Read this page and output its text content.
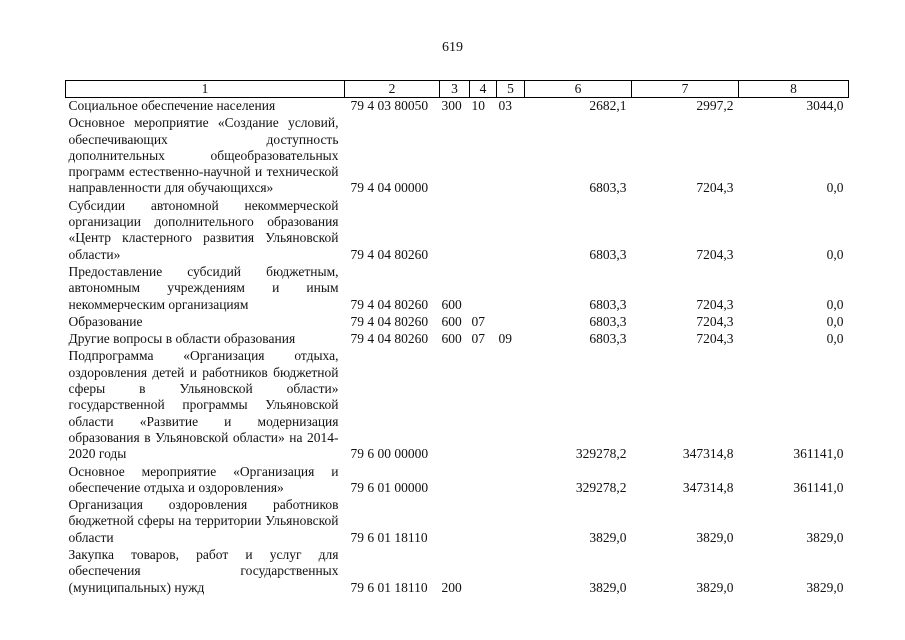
619
1	2	3	4	5	6	7	8
Социальное обеспечение населения	79 4 03 80050	300	10	03	2682,1	2997,2	3044,0
Основное мероприятие «Создание условий, обеспечивающих доступность дополнительных общеобразовательных программ естественно-научной и технической направленности для обучающихся»	79 4 04 00000				6803,3	7204,3	0,0
Субсидии автономной некоммерческой организации дополнительного образования «Центр кластерного развития Ульяновской области»	79 4 04 80260				6803,3	7204,3	0,0
Предоставление субсидий бюджетным, автономным учреждениям и иным некоммерческим организациям	79 4 04 80260	600			6803,3	7204,3	0,0
Образование	79 4 04 80260	600	07		6803,3	7204,3	0,0
Другие вопросы в области образования	79 4 04 80260	600	07	09	6803,3	7204,3	0,0
Подпрограмма «Организация отдыха, оздоровления детей и работников бюджетной сферы в Ульяновской области» государственной программы Ульяновской области «Развитие и модернизация образования в Ульяновской области» на 2014-2020 годы	79 6 00 00000				329278,2	347314,8	361141,0
Основное мероприятие «Организация и обеспечение отдыха и оздоровления»	79 6 01 00000				329278,2	347314,8	361141,0
Организация оздоровления работников бюджетной сферы на территории Ульяновской области	79 6 01 18110				3829,0	3829,0	3829,0
Закупка товаров, работ и услуг для обеспечения государственных (муниципальных) нужд	79 6 01 18110	200			3829,0	3829,0	3829,0
